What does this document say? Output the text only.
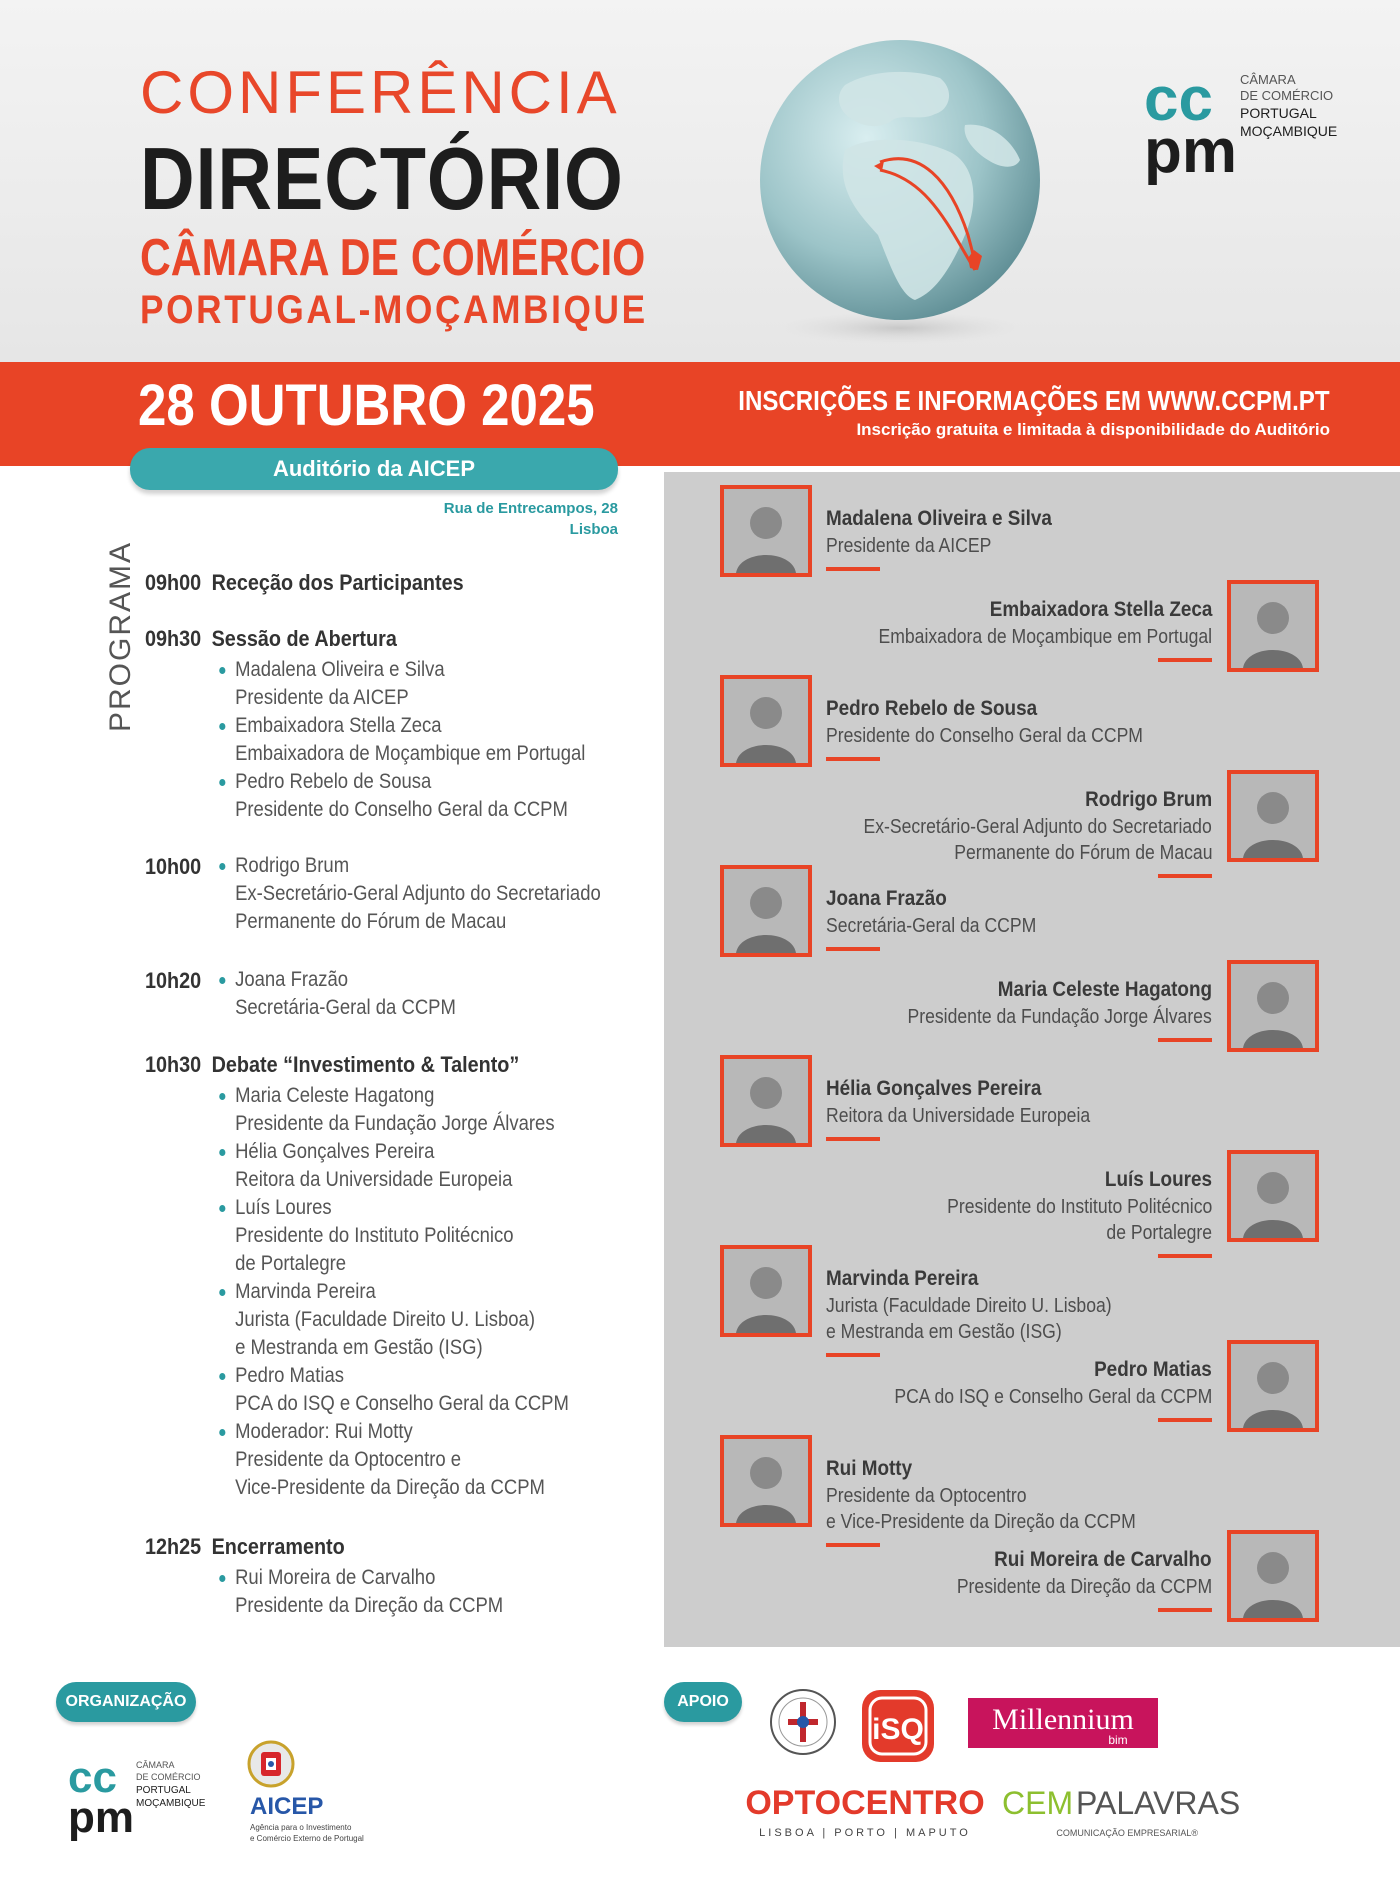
CONFERÊNCIA
DIRECTÓRIO
CÂMARA DE COMÉRCIO
PORTUGAL-MOÇAMBIQUE
cc
pm
CÂMARA
DE COMÉRCIO
PORTUGAL
MOÇAMBIQUE
28 OUTUBRO 2025	INSCRIÇÕES E INFORMAÇÕES EM WWW.CCPM.PT
Inscrição gratuita e limitada à disponibilidade do Auditório
Auditório da AICEP
Rua de Entrecampos, 28
Lisboa
PROGRAMA 09h00 Receção dos Participantes
09h30 Sessão de Abertura
Madalena Oliveira e Silva
Presidente da AICEP
Embaixadora Stella Zeca
Embaixadora de Moçambique em Portugal
Pedro Rebelo de Sousa
Presidente do Conselho Geral da CCPM
10h00	Rodrigo Brum
Ex-Secretário-Geral Adjunto do Secretariado
Permanente do Fórum de Macau
10h20	Joana Frazão
Secretária-Geral da CCPM
10h30 Debate “Investimento & Talento”
Maria Celeste Hagatong
Presidente da Fundação Jorge Álvares
Hélia Gonçalves Pereira
Reitora da Universidade Europeia
Luís Loures
Presidente do Instituto Politécnico
de Portalegre
Marvinda Pereira
Jurista (Faculdade Direito U. Lisboa)
e Mestranda em Gestão (ISG)
Pedro Matias
PCA do ISQ e Conselho Geral da CCPM
Moderador: Rui Motty
Presidente da Optocentro e
Vice-Presidente da Direção da CCPM
12h25 Encerramento
Rui Moreira de Carvalho
Presidente da Direção da CCPM
Madalena Oliveira e Silva
Presidente da AICEP
Embaixadora Stella Zeca
Embaixadora de Moçambique em Portugal
Pedro Rebelo de Sousa
Presidente do Conselho Geral da CCPM
Rodrigo Brum
Ex-Secretário-Geral Adjunto do Secretariado
Permanente do Fórum de Macau
Joana Frazão
Secretária-Geral da CCPM
Maria Celeste Hagatong
Presidente da Fundação Jorge Álvares
Hélia Gonçalves Pereira
Reitora da Universidade Europeia
Luís Loures
Presidente do Instituto Politécnico
de Portalegre
Marvinda Pereira
Jurista (Faculdade Direito U. Lisboa)
e Mestranda em Gestão (ISG)
Pedro Matias
PCA do ISQ e Conselho Geral da CCPM
Rui Motty
Presidente da Optocentro
e Vice-Presidente da Direção da CCPM
Rui Moreira de Carvalho
Presidente da Direção da CCPM
ORGANIZAÇÃO	APOIO
cc
pm
CÂMARA
DE COMÉRCIO
PORTUGAL
MOÇAMBIQUE AICEP
Agência para o Investimento
e Comércio Externo de Portugal
iSQ Millennium
bim
OPTOCENTRO
LISBOA | PORTO | MAPUTO
CEM PALAVRAS
COMUNICAÇÃO EMPRESARIAL®
